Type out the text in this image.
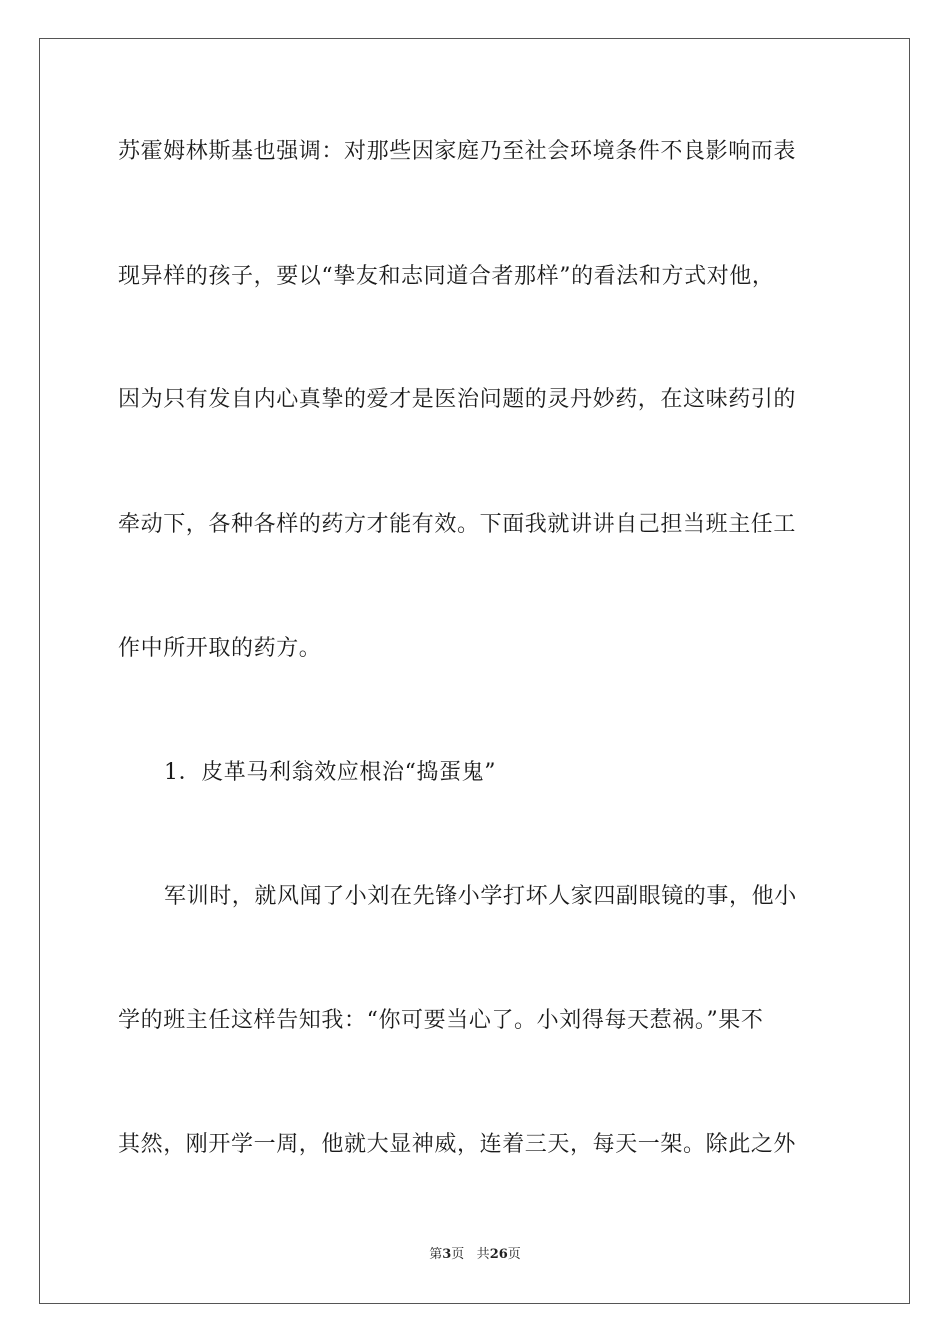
苏霍姆林斯基也强调：对那些因家庭乃至社会环境条件不良影响而表
现异样的孩子，要以“挚友和志同道合者那样”的看法和方式对他，
因为只有发自内心真挚的爱才是医治问题的灵丹妙药，在这味药引的
牵动下，各种各样的药方才能有效。下面我就讲讲自己担当班主任工
作中所开取的药方。
1．皮革马利翁效应根治“捣蛋鬼”
军训时，就风闻了小刘在先锋小学打坏人家四副眼镜的事，他小
学的班主任这样告知我：“你可要当心了。小刘得每天惹祸。”果不
其然，刚开学一周，他就大显神威，连着三天，每天一架。除此之外
第3页 共26页
